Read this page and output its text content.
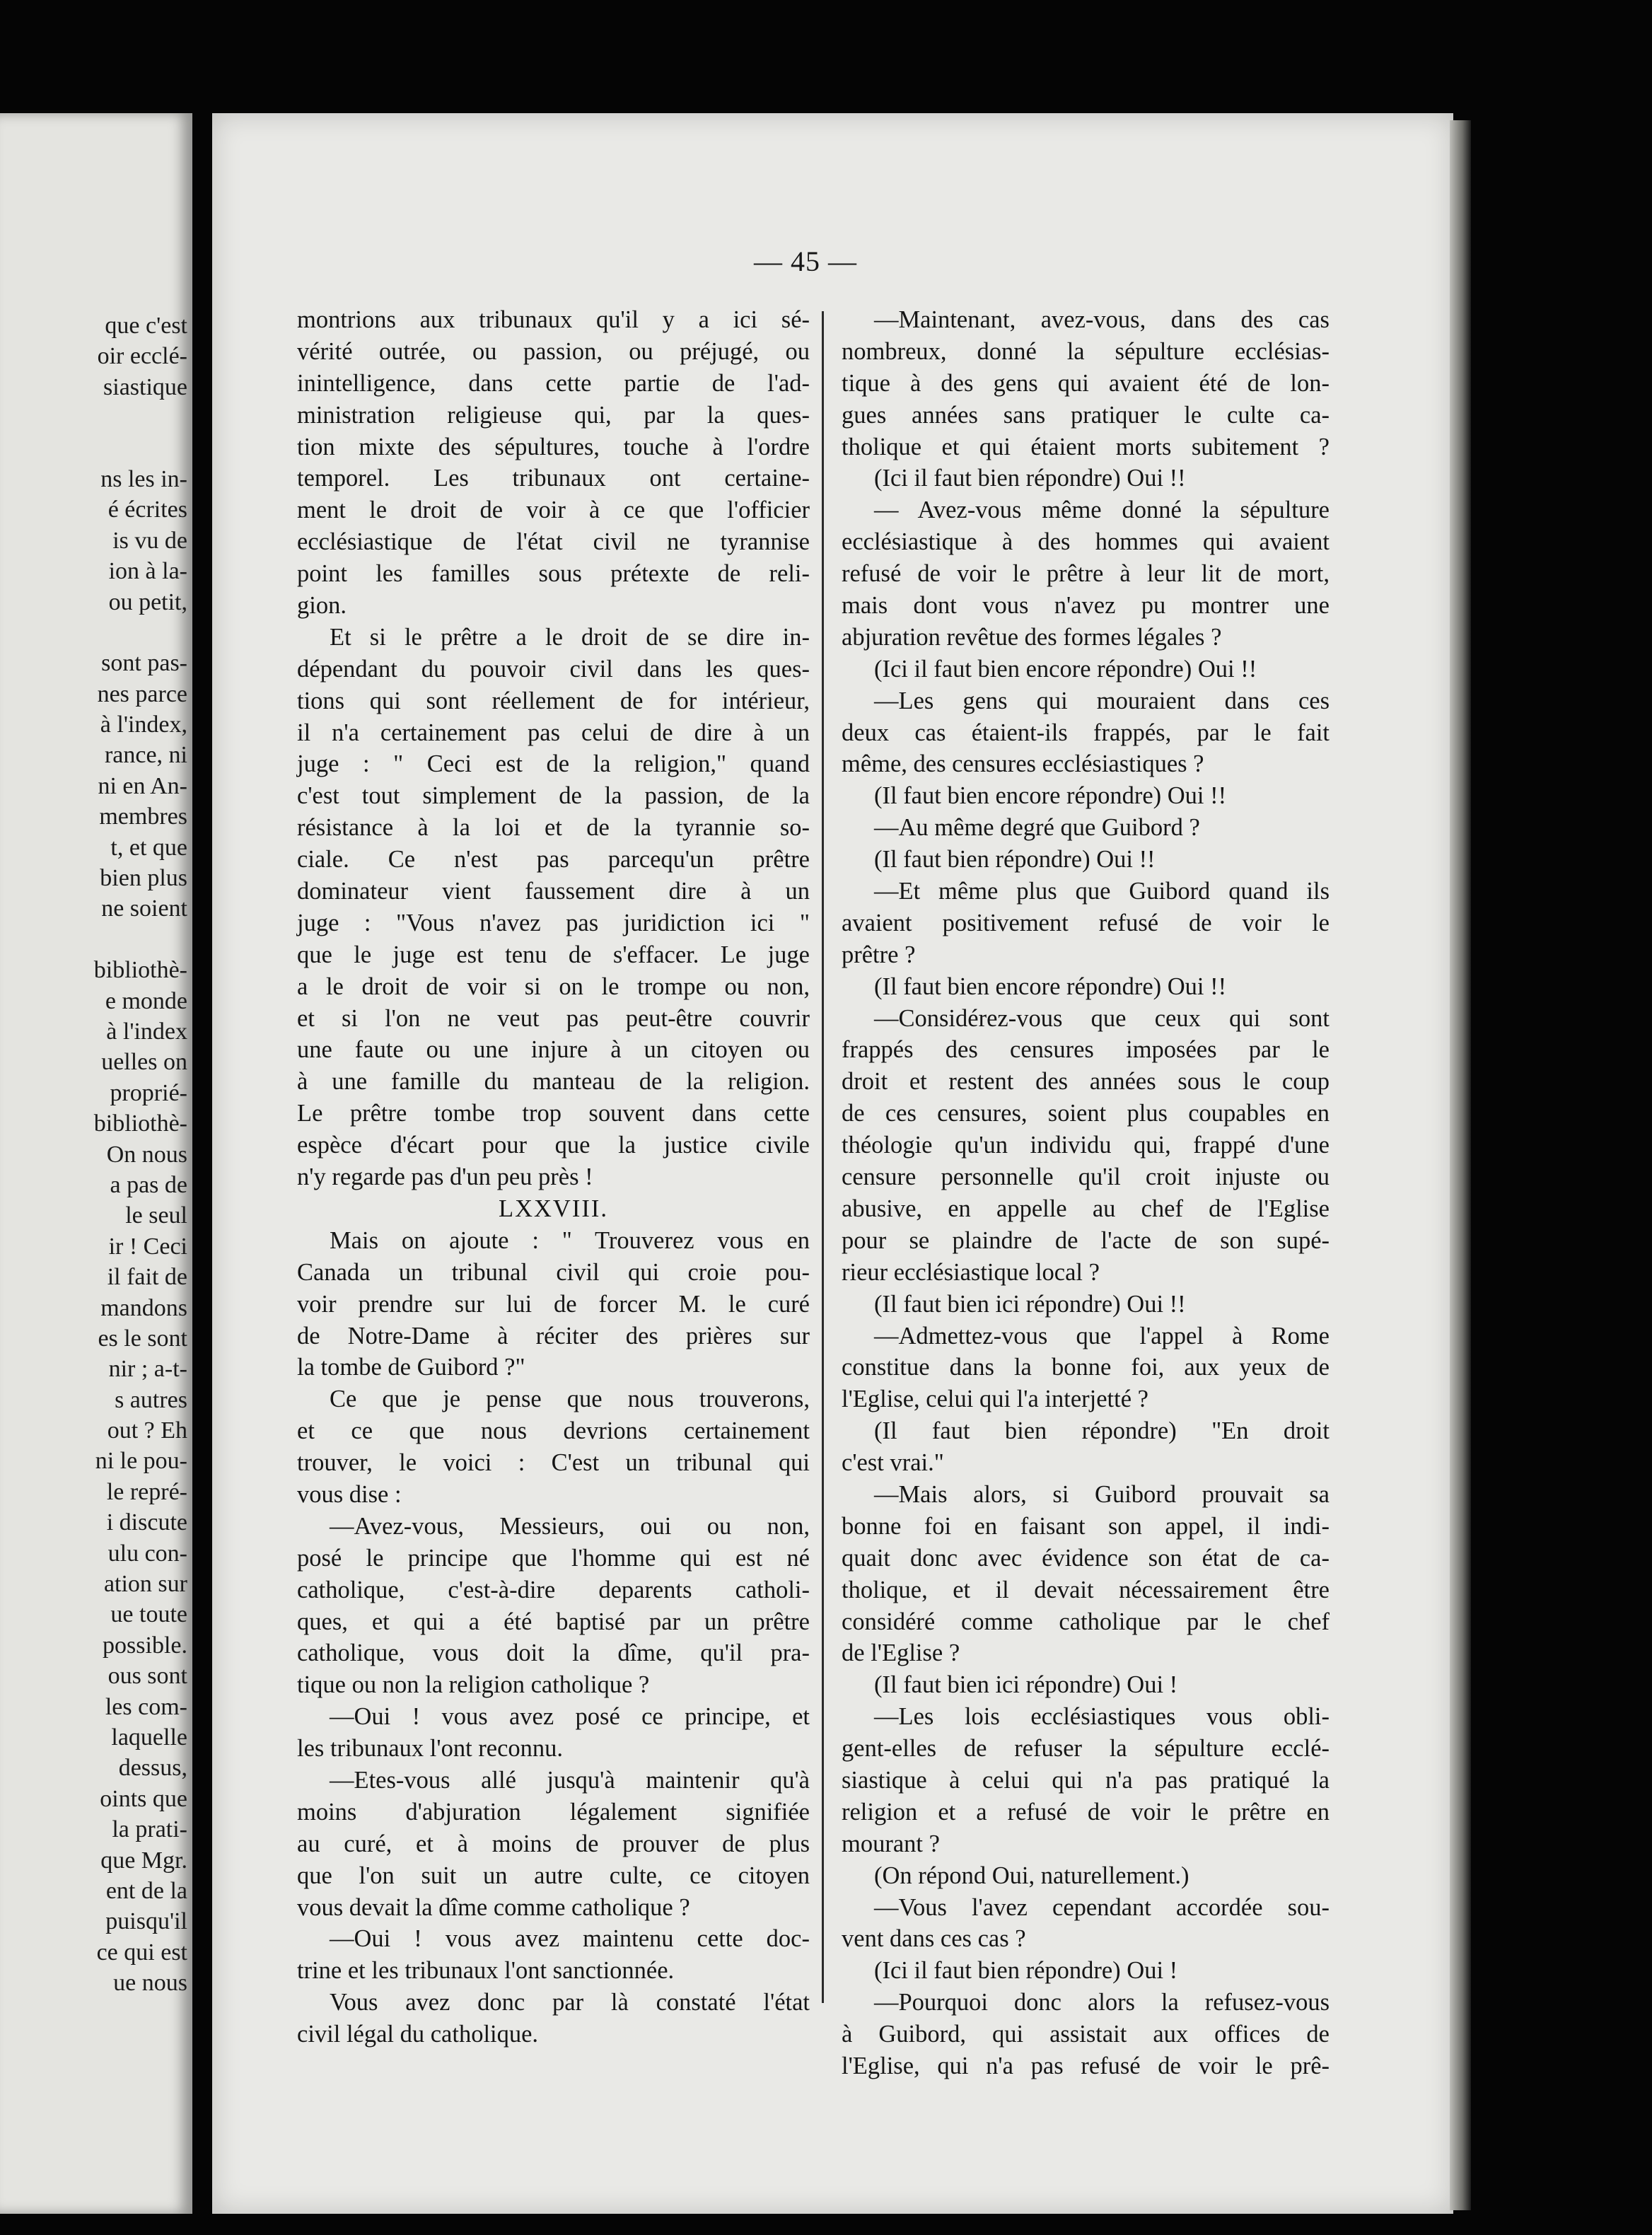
que c'est
oir ecclé-
siastique
ns les in-
é écrites
is vu de
ion à la-
ou petit,
sont pas-
nes parce
à l'index,
rance, ni
ni en An-
membres
t, et que
bien plus
ne soient
bibliothè-
e monde
à l'index
uelles on
proprié-
bibliothè-
On nous
a pas de
le seul
ir ! Ceci
il fait de
mandons
es le sont
nir ; a-t-
s autres
out ? Eh
ni le pou-
le repré-
i discute
ulu con-
ation sur
ue toute
possible.
ous sont
les com-
laquelle
dessus,
oints que
la prati-
que Mgr.
ent de la
puisqu'il
ce qui est
ue nous
— 45 —
montrions aux tribunaux qu'il y a ici sé-
vérité outrée, ou passion, ou préjugé, ou
inintelligence, dans cette partie de l'ad-
ministration religieuse qui, par la ques-
tion mixte des sépultures, touche à l'ordre
temporel. Les tribunaux ont certaine-
ment le droit de voir à ce que l'officier
ecclésiastique de l'état civil ne tyrannise
point les familles sous prétexte de reli-
gion.
Et si le prêtre a le droit de se dire in-
dépendant du pouvoir civil dans les ques-
tions qui sont réellement de for intérieur,
il n'a certainement pas celui de dire à un
juge : " Ceci est de la religion," quand
c'est tout simplement de la passion, de la
résistance à la loi et de la tyrannie so-
ciale. Ce n'est pas parcequ'un prêtre
dominateur vient faussement dire à un
juge : "Vous n'avez pas juridiction ici "
que le juge est tenu de s'effacer. Le juge
a le droit de voir si on le trompe ou non,
et si l'on ne veut pas peut-être couvrir
une faute ou une injure à un citoyen ou
à une famille du manteau de la religion.
Le prêtre tombe trop souvent dans cette
espèce d'écart pour que la justice civile
n'y regarde pas d'un peu près !
LXXVIII.
Mais on ajoute : " Trouverez vous en
Canada un tribunal civil qui croie pou-
voir prendre sur lui de forcer M. le curé
de Notre-Dame à réciter des prières sur
la tombe de Guibord ?"
Ce que je pense que nous trouverons,
et ce que nous devrions certainement
trouver, le voici : C'est un tribunal qui
vous dise :
—Avez-vous, Messieurs, oui ou non,
posé le principe que l'homme qui est né
catholique, c'est-à-dire deparents catholi-
ques, et qui a été baptisé par un prêtre
catholique, vous doit la dîme, qu'il pra-
tique ou non la religion catholique ?
—Oui ! vous avez posé ce principe, et
les tribunaux l'ont reconnu.
—Etes-vous allé jusqu'à maintenir qu'à
moins d'abjuration légalement signifiée
au curé, et à moins de prouver de plus
que l'on suit un autre culte, ce citoyen
vous devait la dîme comme catholique ?
—Oui ! vous avez maintenu cette doc-
trine et les tribunaux l'ont sanctionnée.
Vous avez donc par là constaté l'état
civil légal du catholique.
—Maintenant, avez-vous, dans des cas
nombreux, donné la sépulture ecclésias-
tique à des gens qui avaient été de lon-
gues années sans pratiquer le culte ca-
tholique et qui étaient morts subitement ?
(Ici il faut bien répondre) Oui !!
— Avez-vous même donné la sépulture
ecclésiastique à des hommes qui avaient
refusé de voir le prêtre à leur lit de mort,
mais dont vous n'avez pu montrer une
abjuration revêtue des formes légales ?
(Ici il faut bien encore répondre) Oui !!
—Les gens qui mouraient dans ces
deux cas étaient-ils frappés, par le fait
même, des censures ecclésiastiques ?
(Il faut bien encore répondre) Oui !!
—Au même degré que Guibord ?
(Il faut bien répondre) Oui !!
—Et même plus que Guibord quand ils
avaient positivement refusé de voir le
prêtre ?
(Il faut bien encore répondre) Oui !!
—Considérez-vous que ceux qui sont
frappés des censures imposées par le
droit et restent des années sous le coup
de ces censures, soient plus coupables en
théologie qu'un individu qui, frappé d'une
censure personnelle qu'il croit injuste ou
abusive, en appelle au chef de l'Eglise
pour se plaindre de l'acte de son supé-
rieur ecclésiastique local ?
(Il faut bien ici répondre) Oui !!
—Admettez-vous que l'appel à Rome
constitue dans la bonne foi, aux yeux de
l'Eglise, celui qui l'a interjetté ?
(Il faut bien répondre) "En droit
c'est vrai."
—Mais alors, si Guibord prouvait sa
bonne foi en faisant son appel, il indi-
quait donc avec évidence son état de ca-
tholique, et il devait nécessairement être
considéré comme catholique par le chef
de l'Eglise ?
(Il faut bien ici répondre) Oui !
—Les lois ecclésiastiques vous obli-
gent-elles de refuser la sépulture ecclé-
siastique à celui qui n'a pas pratiqué la
religion et a refusé de voir le prêtre en
mourant ?
(On répond Oui, naturellement.)
—Vous l'avez cependant accordée sou-
vent dans ces cas ?
(Ici il faut bien répondre) Oui !
—Pourquoi donc alors la refusez-vous
à Guibord, qui assistait aux offices de
l'Eglise, qui n'a pas refusé de voir le prê-
